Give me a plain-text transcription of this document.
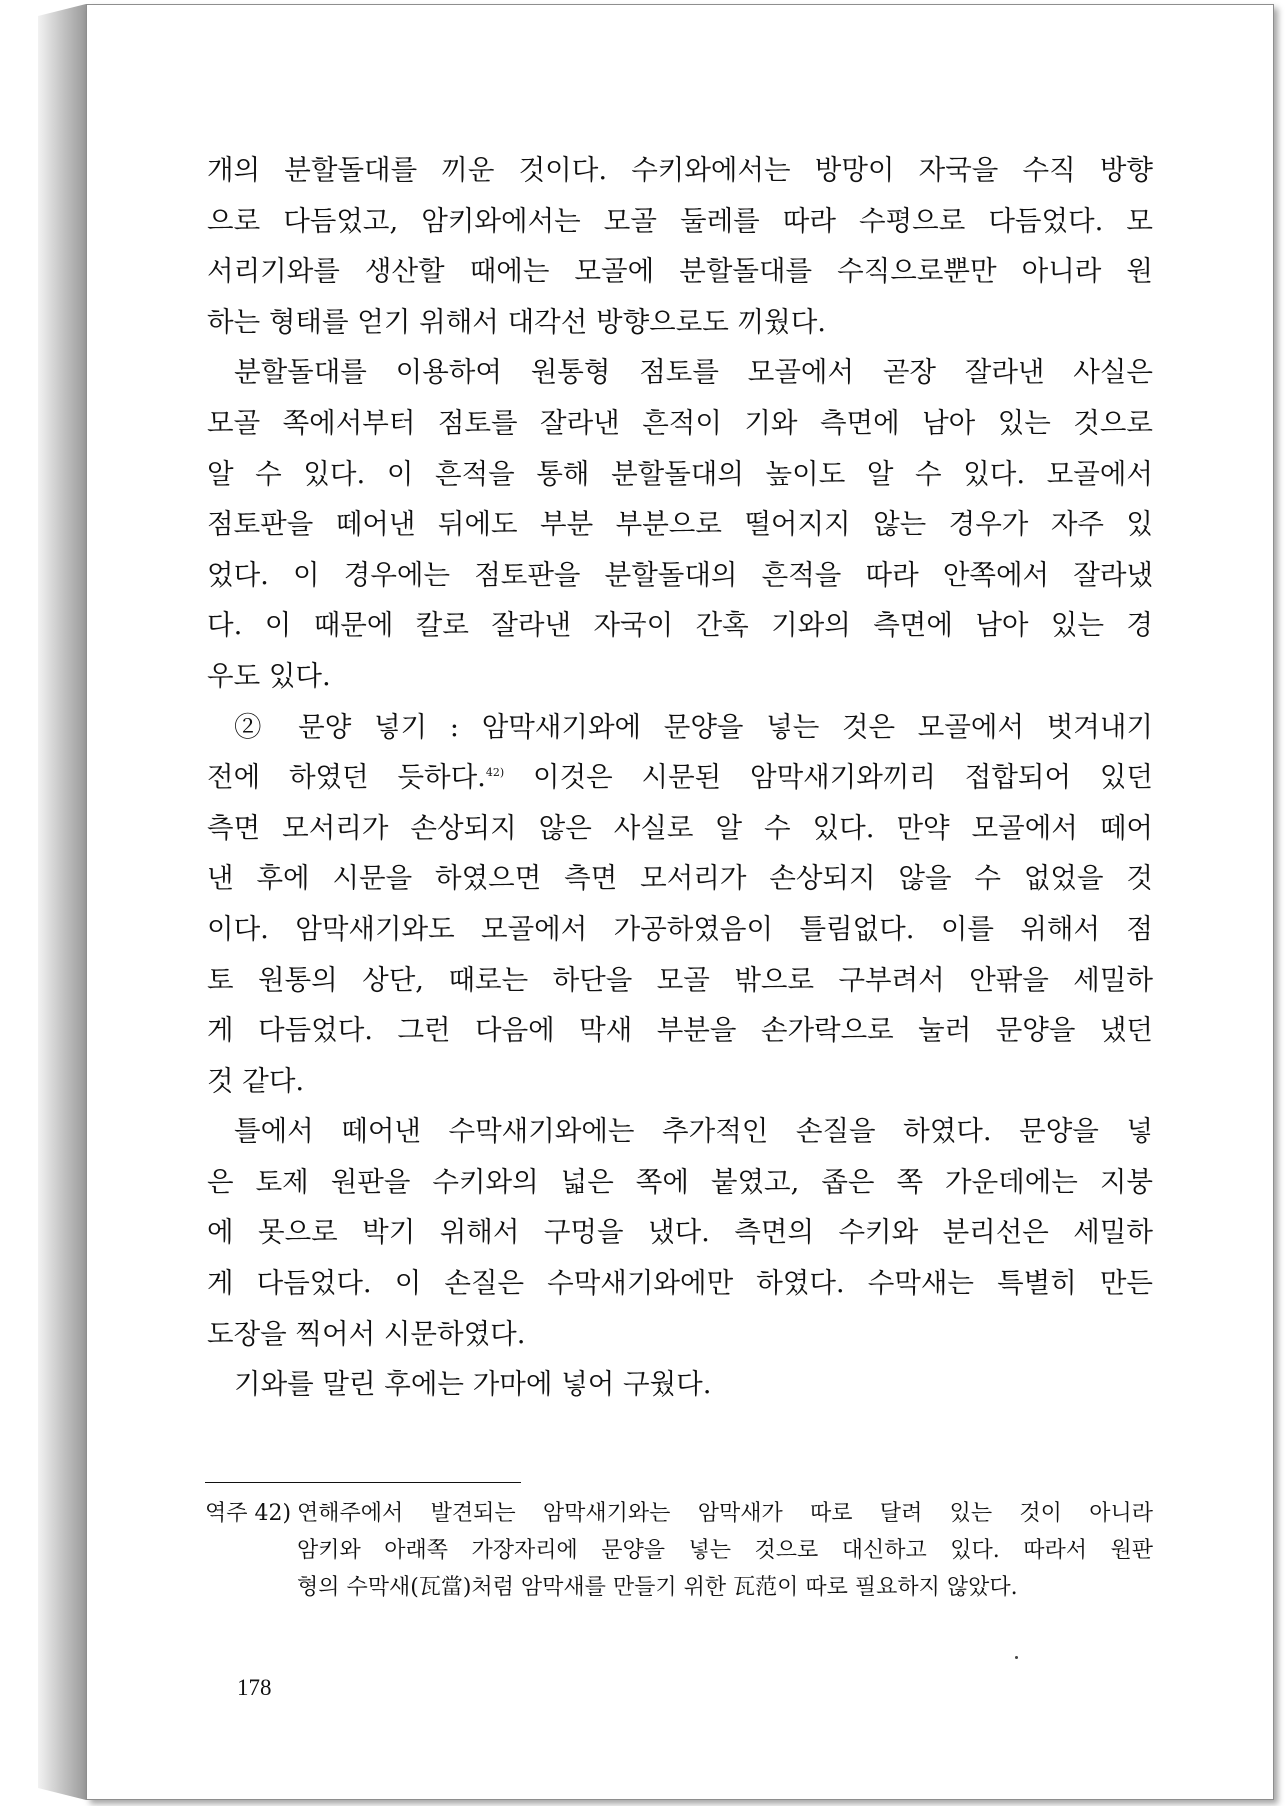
개의 분할돌대를 끼운 것이다. 수키와에서는 방망이 자국을 수직 방향
으로 다듬었고, 암키와에서는 모골 둘레를 따라 수평으로 다듬었다. 모
서리기와를 생산할 때에는 모골에 분할돌대를 수직으로뿐만 아니라 원
하는 형태를 얻기 위해서 대각선 방향으로도 끼웠다.

분할돌대를 이용하여 원통형 점토를 모골에서 곧장 잘라낸 사실은
모골 쪽에서부터 점토를 잘라낸 흔적이 기와 측면에 남아 있는 것으로
알 수 있다. 이 흔적을 통해 분할돌대의 높이도 알 수 있다. 모골에서
점토판을 떼어낸 뒤에도 부분 부분으로 떨어지지 않는 경우가 자주 있
었다. 이 경우에는 점토판을 분할돌대의 흔적을 따라 안쪽에서 잘라냈
다. 이 때문에 칼로 잘라낸 자국이 간혹 기와의 측면에 남아 있는 경
우도 있다.

② 문양 넣기 : 암막새기와에 문양을 넣는 것은 모골에서 벗겨내기
전에 하였던 듯하다.$^{42)}$ 이것은 시문된 암막새기와끼리 접합되어 있던
측면 모서리가 손상되지 않은 사실로 알 수 있다. 만약 모골에서 떼어
낸 후에 시문을 하였으면 측면 모서리가 손상되지 않을 수 없었을 것
이다. 암막새기와도 모골에서 가공하였음이 틀림없다. 이를 위해서 점
토 원통의 상단, 때로는 하단을 모골 밖으로 구부려서 안팎을 세밀하
게 다듬었다. 그런 다음에 막새 부분을 손가락으로 눌러 문양을 냈던
것 같다.

틀에서 떼어낸 수막새기와에는 추가적인 손질을 하였다. 문양을 넣
은 토제 원판을 수키와의 넓은 쪽에 붙였고, 좁은 쪽 가운데에는 지붕
에 못으로 박기 위해서 구멍을 냈다. 측면의 수키와 분리선은 세밀하
게 다듬었다. 이 손질은 수막새기와에만 하였다. 수막새는 특별히 만든
도장을 찍어서 시문하였다.

기와를 말린 후에는 가마에 넣어 구웠다.

역주 42) 연해주에서 발견되는 암막새기와는 암막새가 따로 달려 있는 것이 아니라
암키와 아래쪽 가장자리에 문양을 넣는 것으로 대신하고 있다. 따라서 원판
형의 수막새(瓦當)처럼 암막새를 만들기 위한 瓦范이 따로 필요하지 않았다.
178
